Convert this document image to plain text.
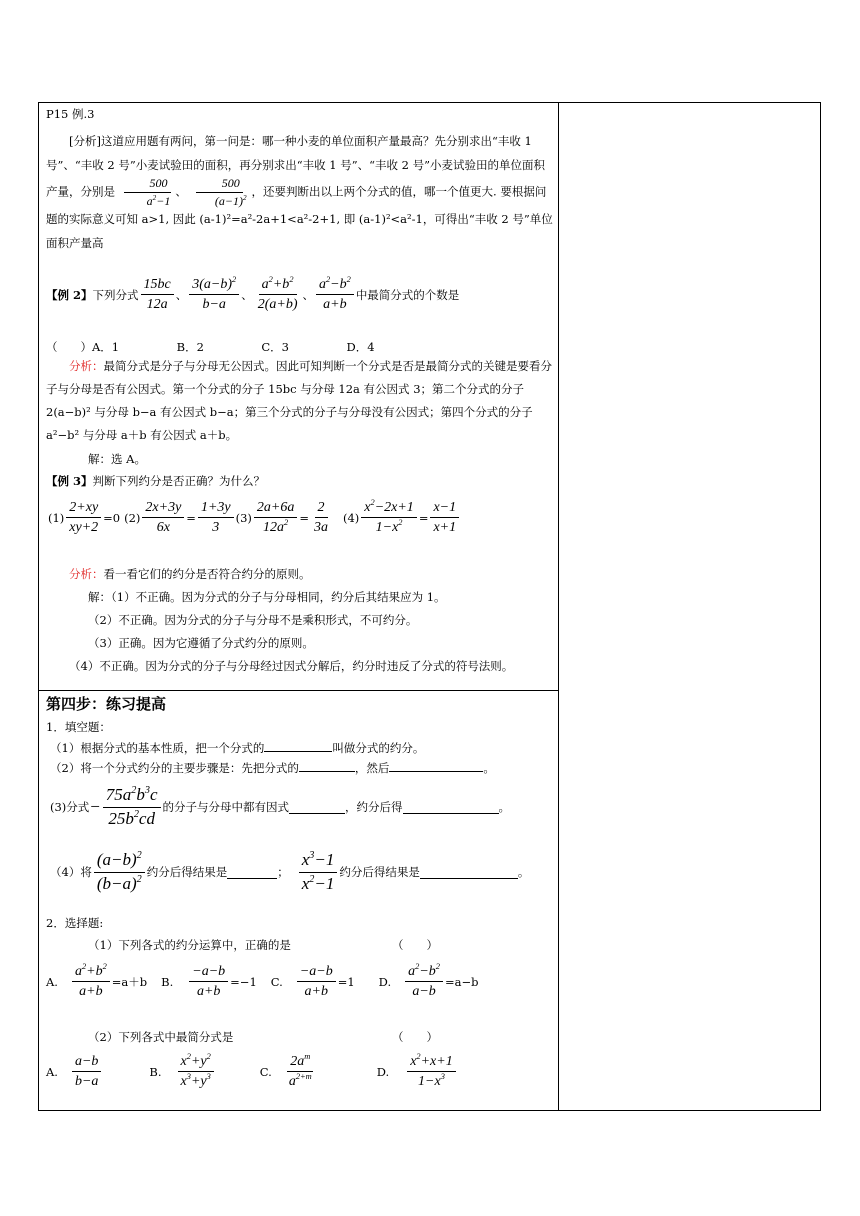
P15 例.3
[分析]这道应用题有两问，第一问是：哪一种小麦的单位面积产量最高？先分别求出“丰收 1 号”、“丰收 2 号”小麦试验田的面积，再分别求出“丰收 1 号”、“丰收 2 号”小麦试验田的单位面积产量，分别是 $\frac{500}{a^2-1}$ 、 $\frac{500}{(a-1)^2}$ ，还要判断出以上两个分式的值，哪一个值更大. 要根据问题的实际意义可知 a>1, 因此 (a-1)²=a²-2a+1<a²-2+1, 即 (a-1)²<a²-1，可得出“丰收 2 号”单位面积产量高
【例 2】 下列分式 $\frac{15bc}{12a}$ 、 $\frac{3(a-b)^2}{b-a}$ 、 $\frac{a^2+b^2}{2(a+b)}$ 、 $\frac{a^2-b^2}{a+b}$ 中最简分式的个数是
（　　）A．1　　　　　B．2　　　　　C．3　　　　　D．4
分析：最简分式是分子与分母无公因式。因此可知判断一个分式是否是最简分式的关键是要看分子与分母是否有公因式。第一个分式的分子 15bc 与分母 12a 有公因式 3；第二个分式的分子 2(a−b)² 与分母 b−a 有公因式 b−a；第三个分式的分子与分母没有公因式；第四个分式的分子 a²−b² 与分母 a＋b 有公因式 a＋b。
解：选 A。
【例 3】判断下列约分是否正确？为什么？
$(1) \frac{2+xy}{xy+2} =0$ $(2) \frac{2x+3y}{6x} = \frac{1+3y}{3} (3) \frac{2a+6a}{12a^2} = \frac{2}{3a} (4) \frac{x^2-2x+1}{1-x^2} = \frac{x-1}{x+1}$
分析：看一看它们的约分是否符合约分的原则。
解：（1）不正确。因为分式的分子与分母相同，约分后其结果应为 1。
（2）不正确。因为分式的分子与分母不是乘积形式，不可约分。
（3）正确。因为它遵循了分式约分的原则。
（4）不正确。因为分式的分子与分母经过因式分解后，约分时违反了分式的符号法则。
第四步：练习提高
1．填空题：
（1）根据分式的基本性质，把一个分式的	叫做分式的约分。
（2）将一个分式约分的主要步骤是：先把分式的	，然后	。
(3)分式 − $\frac{75a^2b^3c}{25b^2cd}$ 的分子与分母中都有因式	，约分后得	。
（4）将 $\frac{(a-b)^2}{(b-a)^2}$ 约分后得结果是	； $\frac{x^3-1}{x^2-1}$ 约分后得结果是	。
2．选择题:
（1）下列各式的约分运算中，正确的是	（　　）
A. $\frac{a^2+b^2}{a+b} =a+b$ B. $\frac{-a-b}{a+b} =-1$ C. $\frac{-a-b}{a+b} =1$ D. $\frac{a^2-b^2}{a-b} =a-b$
（2）下列各式中最简分式是	（　　）
A. $\frac{a-b}{b-a}$	B. $\frac{x^2+y^2}{x^3+y^3}$	C. $\frac{2a^m}{a^{2+m}}$	D. $\frac{x^2+x+1}{1-x^3}$
